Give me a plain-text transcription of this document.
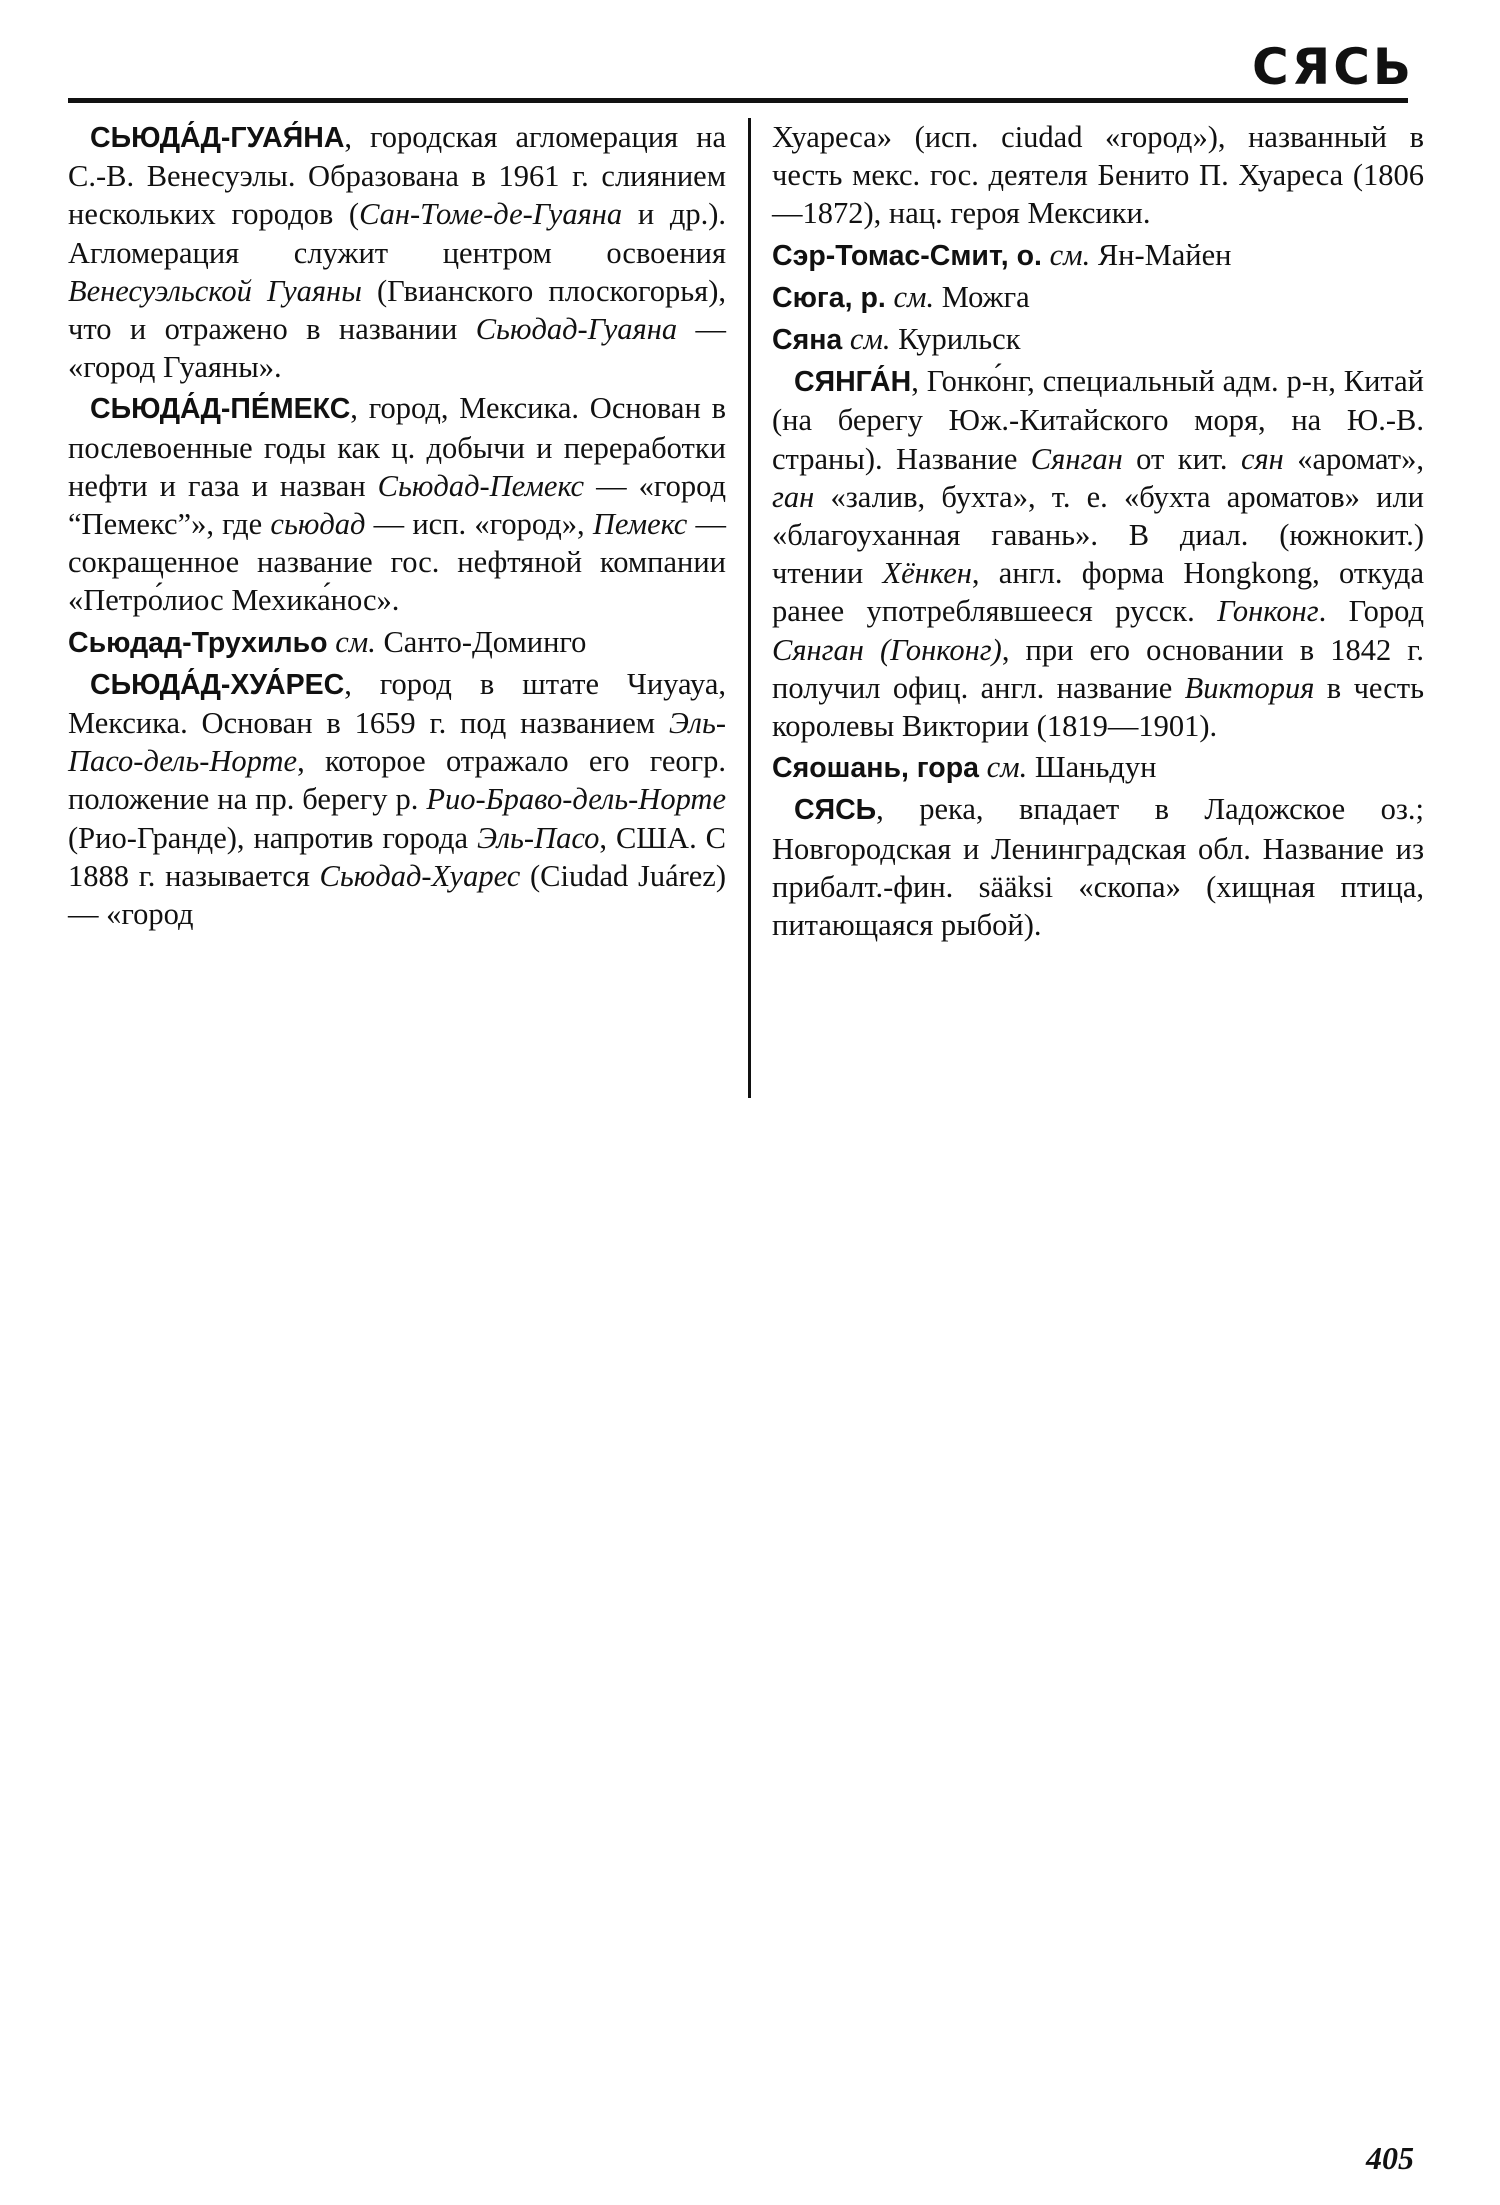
СЯСЬ

СЬЮДА́Д-ГУАЯ́НА, городская агломерация на С.-В. Венесуэлы. Образована в 1961 г. слиянием нескольких городов (Сан-Томе-де-Гуаяна и др.). Агломерация служит центром освоения Венесуэльской Гуаяны (Гвианского плоскогорья), что и отражено в названии Сьюдад-Гуаяна — «город Гуаяны».

СЬЮДА́Д-ПЕ́МЕКС, город, Мексика. Основан в послевоенные годы как ц. добычи и переработки нефти и газа и назван Сьюдад-Пемекс — «город “Пемекс”», где сьюдад — исп. «город», Пемекс — сокращенное название гос. нефтяной компании «Петро́лиос Мехика́нос».

Сьюдад-Трухильо см. Санто-Доминго

СЬЮДА́Д-ХУА́РЕС, город в штате Чиуауа, Мексика. Основан в 1659 г. под названием Эль-Пасо-дель-Норте, которое отражало его геогр. положение на пр. берегу р. Рио-Браво-дель-Норте (Рио-Гранде), напротив города Эль-Пасо, США. С 1888 г. называется Сьюдад-Хуарес (Ciudad Juárez) — «город

Хуареса» (исп. ciudad «город»), названный в честь мекс. гос. деятеля Бенито П. Хуареса (1806—1872), нац. героя Мексики.

Сэр-Томас-Смит, о. см. Ян-Майен

Сюга, р. см. Можга

Сяна см. Курильск

СЯНГА́Н, Гонко́нг, специальный адм. р-н, Китай (на берегу Юж.-Китайского моря, на Ю.-В. страны). Название Сянган от кит. сян «аромат», ган «залив, бухта», т. е. «бухта ароматов» или «благоуханная гавань». В диал. (южнокит.) чтении Хёнкен, англ. форма Hongkong, откуда ранее употреблявшееся русск. Гонконг. Город Сянган (Гонконг), при его основании в 1842 г. получил офиц. англ. название Виктория в честь королевы Виктории (1819—1901).

Сяошань, гора см. Шаньдун

СЯСЬ, река, впадает в Ладожское оз.; Новгородская и Ленинградская обл. Название из прибалт.-фин. sääksi «скопа» (хищная птица, питающаяся рыбой).

405
